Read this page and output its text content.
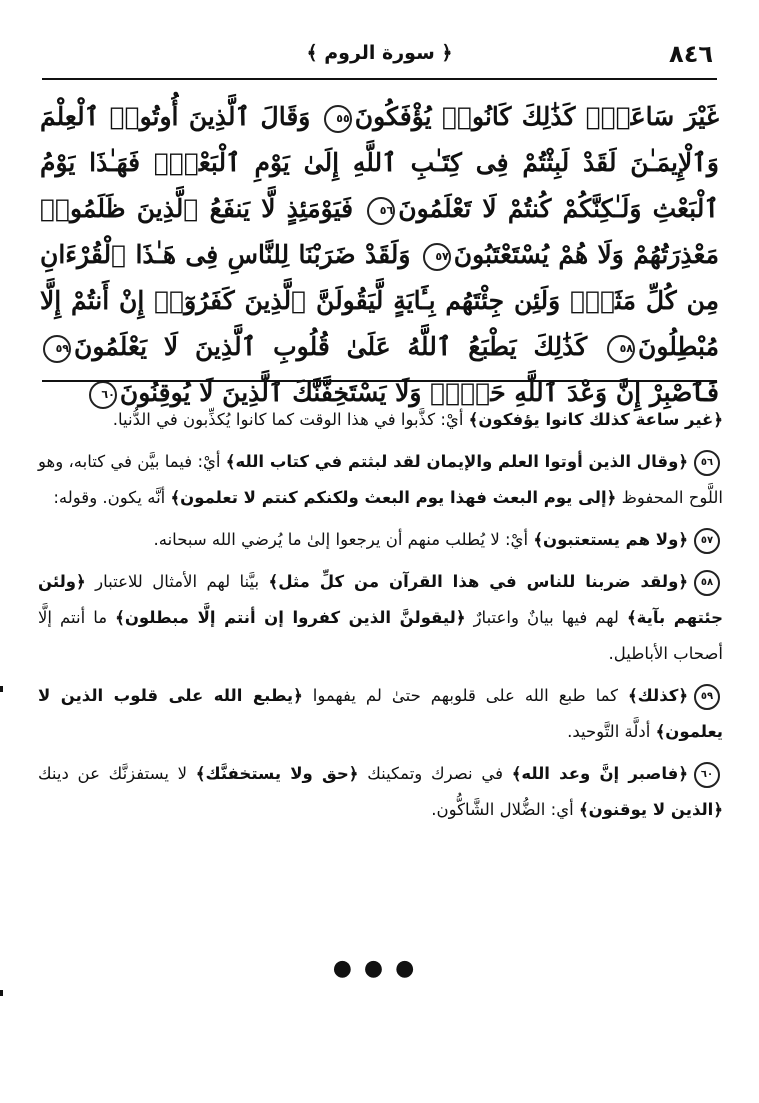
٨٤٦
﴿ سورة الروم ﴾
غَيْرَ سَاعَةٍۚ كَذَٰلِكَ كَانُوا۟ يُؤْفَكُونَ٥٥ وَقَالَ ٱلَّذِينَ أُوتُوا۟ ٱلْعِلْمَ وَٱلْإِيمَـٰنَ لَقَدْ لَبِثْتُمْ فِى كِتَـٰبِ ٱللَّهِ إِلَىٰ يَوْمِ ٱلْبَعْثِۖ فَهَـٰذَا يَوْمُ ٱلْبَعْثِ وَلَـٰكِنَّكُمْ كُنتُمْ لَا تَعْلَمُونَ٥٦ فَيَوْمَئِذٍ لَّا يَنفَعُ ٱلَّذِينَ ظَلَمُوا۟ مَعْذِرَتُهُمْ وَلَا هُمْ يُسْتَعْتَبُونَ٥٧ وَلَقَدْ ضَرَبْنَا لِلنَّاسِ فِى هَـٰذَا ٱلْقُرْءَانِ مِن كُلِّ مَثَلٍۚ وَلَئِن جِئْتَهُم بِـَٔايَةٍ لَّيَقُولَنَّ ٱلَّذِينَ كَفَرُوٓا۟ إِنْ أَنتُمْ إِلَّا مُبْطِلُونَ٥٨ كَذَٰلِكَ يَطْبَعُ ٱللَّهُ عَلَىٰ قُلُوبِ ٱلَّذِينَ لَا يَعْلَمُونَ٥٩ فَٱصْبِرْ إِنَّ وَعْدَ ٱللَّهِ حَقٌّۖ وَلَا يَسْتَخِفَّنَّكَ ٱلَّذِينَ لَا يُوقِنُونَ٦٠

﴿غير ساعة كذلك كانوا يؤفكون﴾ أيْ: كذَّبوا في هذا الوقت كما كانوا يُكذِّبون في الدُّنيا.

٥٦﴿وقال الذين أوتوا العلم والإيمان لقد لبثتم في كتاب الله﴾ أيْ: فيما بيَّن في كتابه، وهو اللَّوح المحفوظ ﴿إلى يوم البعث فهذا يوم البعث ولكنكم كنتم لا تعلمون﴾ أنَّه يكون. وقوله:

٥٧﴿ولا هم يستعتبون﴾ أيْ: لا يُطلب منهم أن يرجعوا إلىٰ ما يُرضي الله سبحانه.

٥٨﴿ولقد ضربنا للناس في هذا القرآن من كلِّ مثل﴾ بيَّنا لهم الأمثال للاعتبار ﴿ولئن جئتهم بآية﴾ لهم فيها بيانٌ واعتبارٌ ﴿ليقولنَّ الذين كفروا إن أنتم إلَّا مبطلون﴾ ما أنتم إلَّا أصحاب الأباطيل.

٥٩﴿كذلك﴾ كما طبع الله على قلوبهم حتىٰ لم يفهموا ﴿يطبع الله على قلوب الذين لا يعلمون﴾ أدلَّة التَّوحيد.

٦٠﴿فاصبر إنَّ وعد الله﴾ في نصرك وتمكينك ﴿حق ولا يستخفنَّك﴾ لا يستفزنَّك عن دينك ﴿الذين لا يوقنون﴾ أي: الضُّلال الشَّاكُّون.

●●●
